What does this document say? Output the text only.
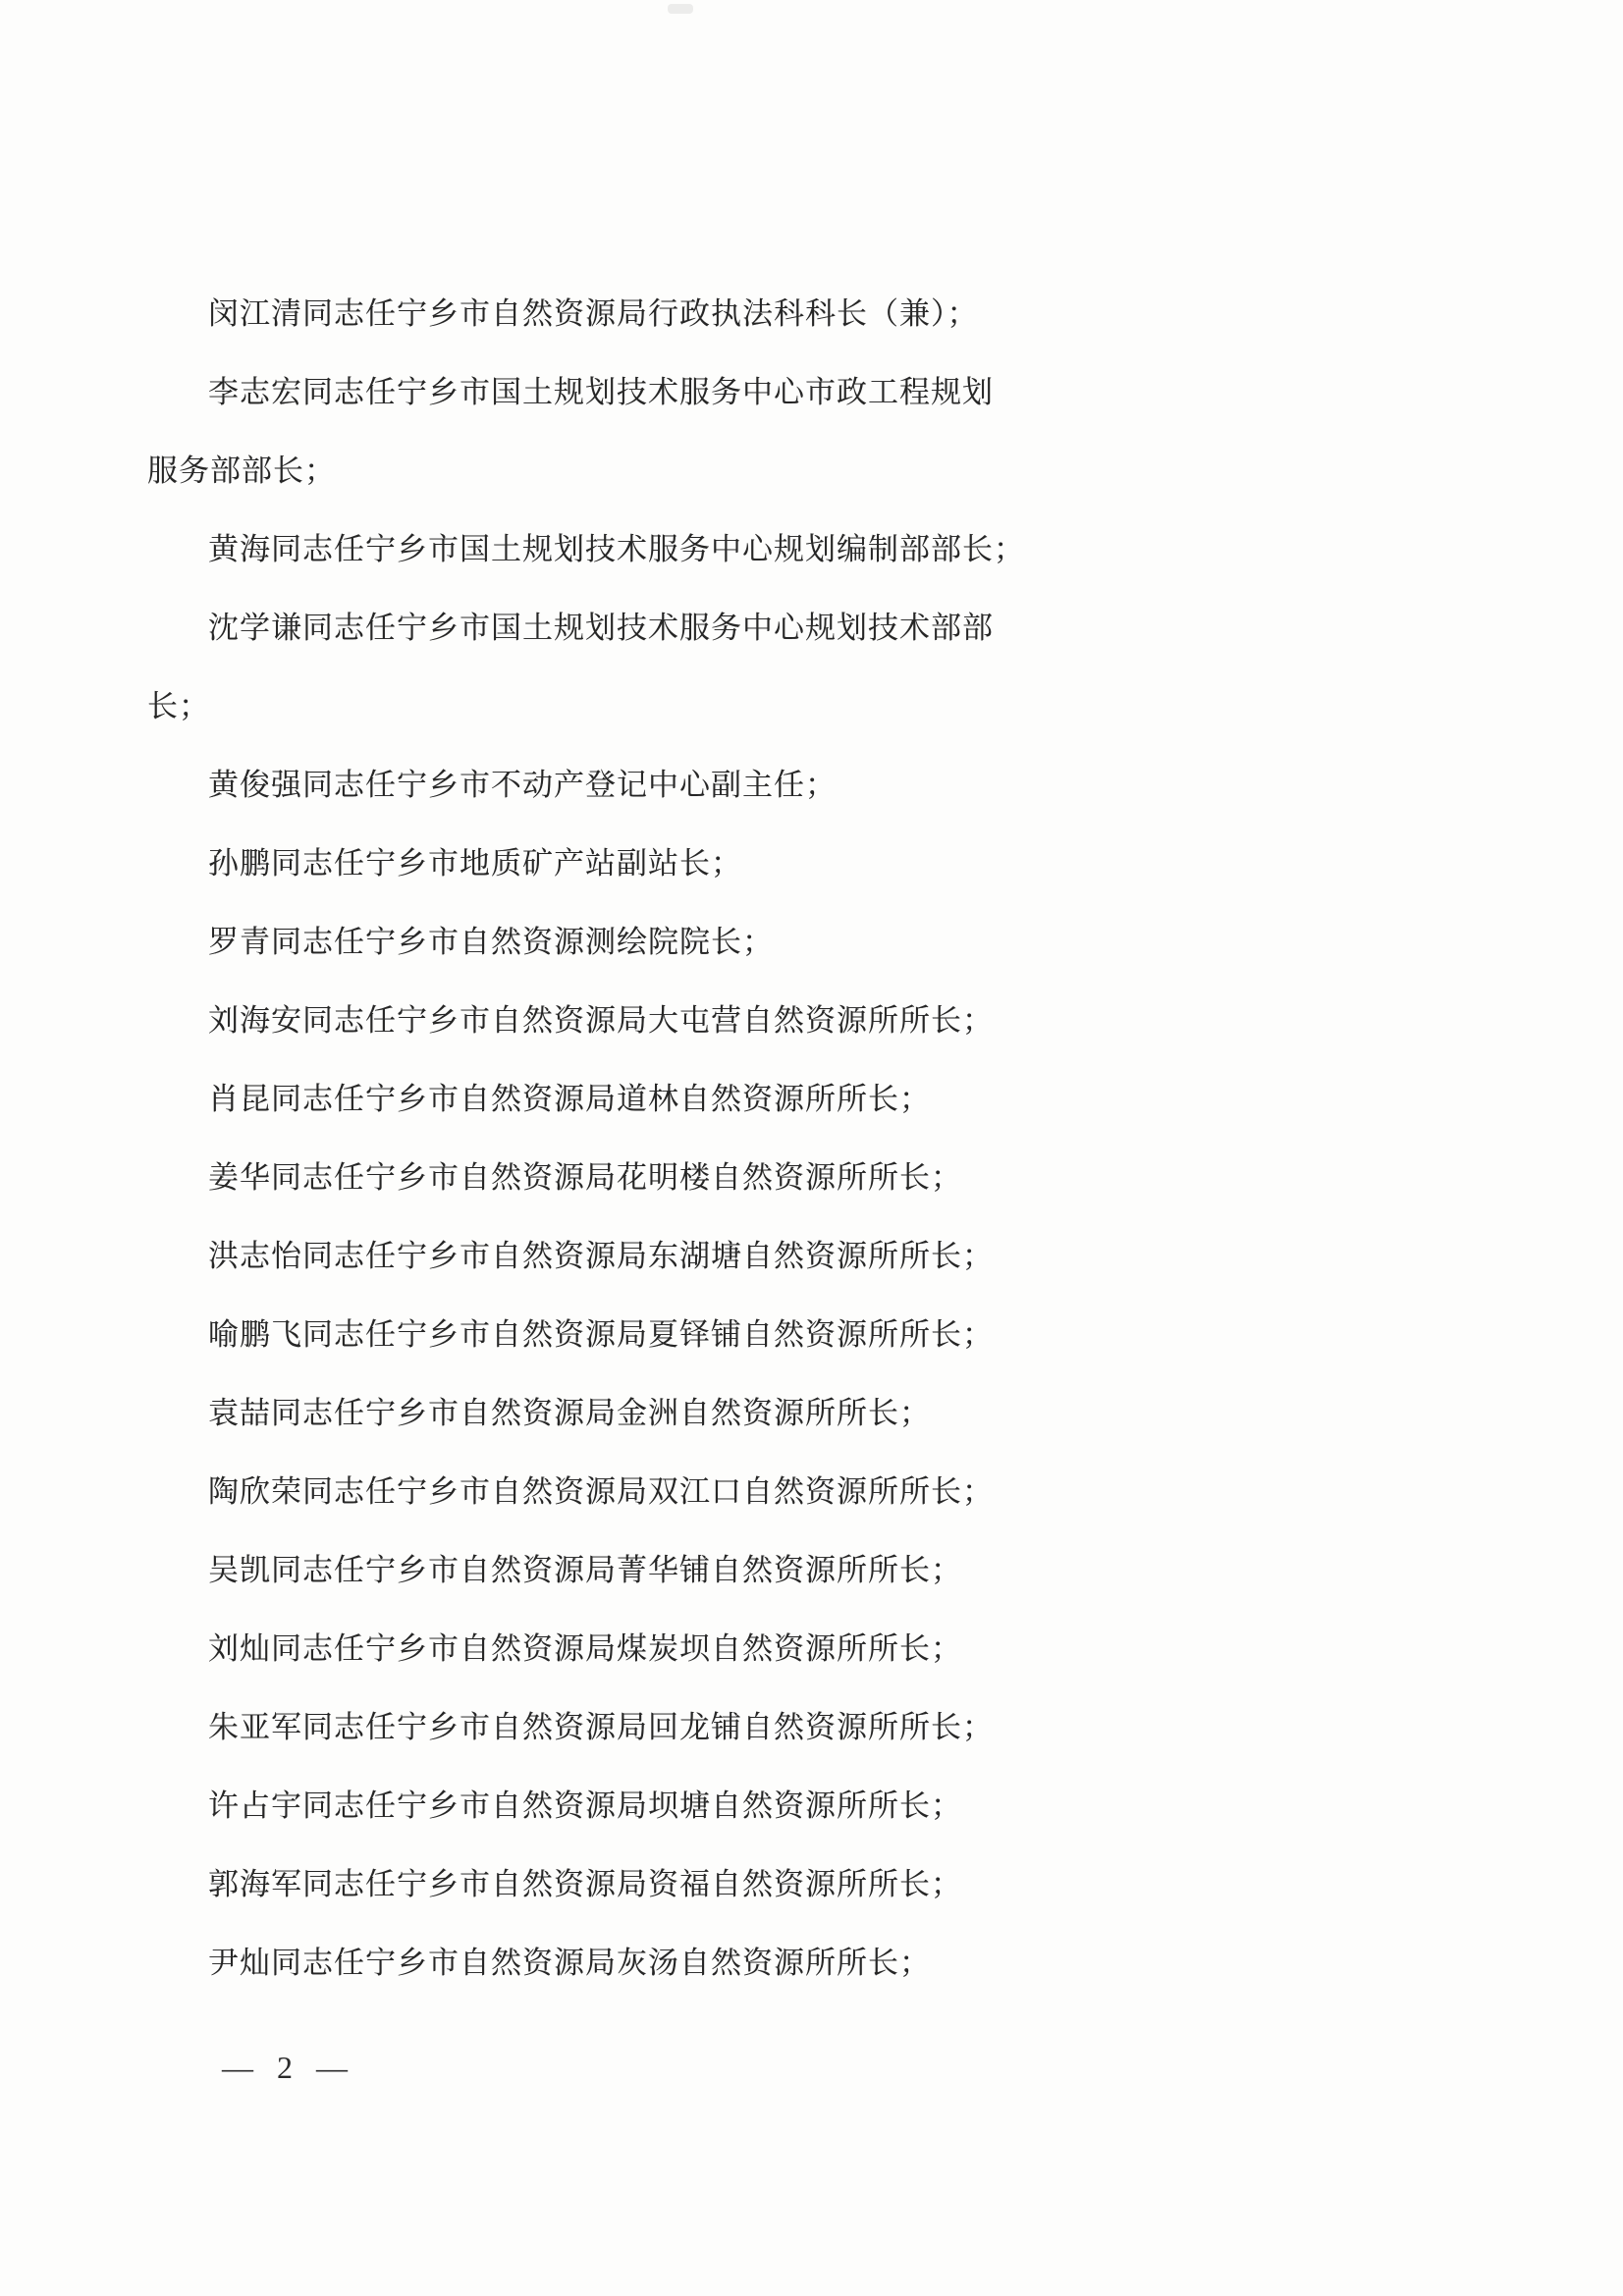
闵江清同志任宁乡市自然资源局行政执法科科长（兼）；
李志宏同志任宁乡市国土规划技术服务中心市政工程规划
服务部部长；
黄海同志任宁乡市国土规划技术服务中心规划编制部部长；
沈学谦同志任宁乡市国土规划技术服务中心规划技术部部
长；
黄俊强同志任宁乡市不动产登记中心副主任；
孙鹏同志任宁乡市地质矿产站副站长；
罗青同志任宁乡市自然资源测绘院院长；
刘海安同志任宁乡市自然资源局大屯营自然资源所所长；
肖昆同志任宁乡市自然资源局道林自然资源所所长；
姜华同志任宁乡市自然资源局花明楼自然资源所所长；
洪志怡同志任宁乡市自然资源局东湖塘自然资源所所长；
喻鹏飞同志任宁乡市自然资源局夏铎铺自然资源所所长；
袁喆同志任宁乡市自然资源局金洲自然资源所所长；
陶欣荣同志任宁乡市自然资源局双江口自然资源所所长；
吴凯同志任宁乡市自然资源局菁华铺自然资源所所长；
刘灿同志任宁乡市自然资源局煤炭坝自然资源所所长；
朱亚军同志任宁乡市自然资源局回龙铺自然资源所所长；
许占宇同志任宁乡市自然资源局坝塘自然资源所所长；
郭海军同志任宁乡市自然资源局资福自然资源所所长；
尹灿同志任宁乡市自然资源局灰汤自然资源所所长；
— 2 —
